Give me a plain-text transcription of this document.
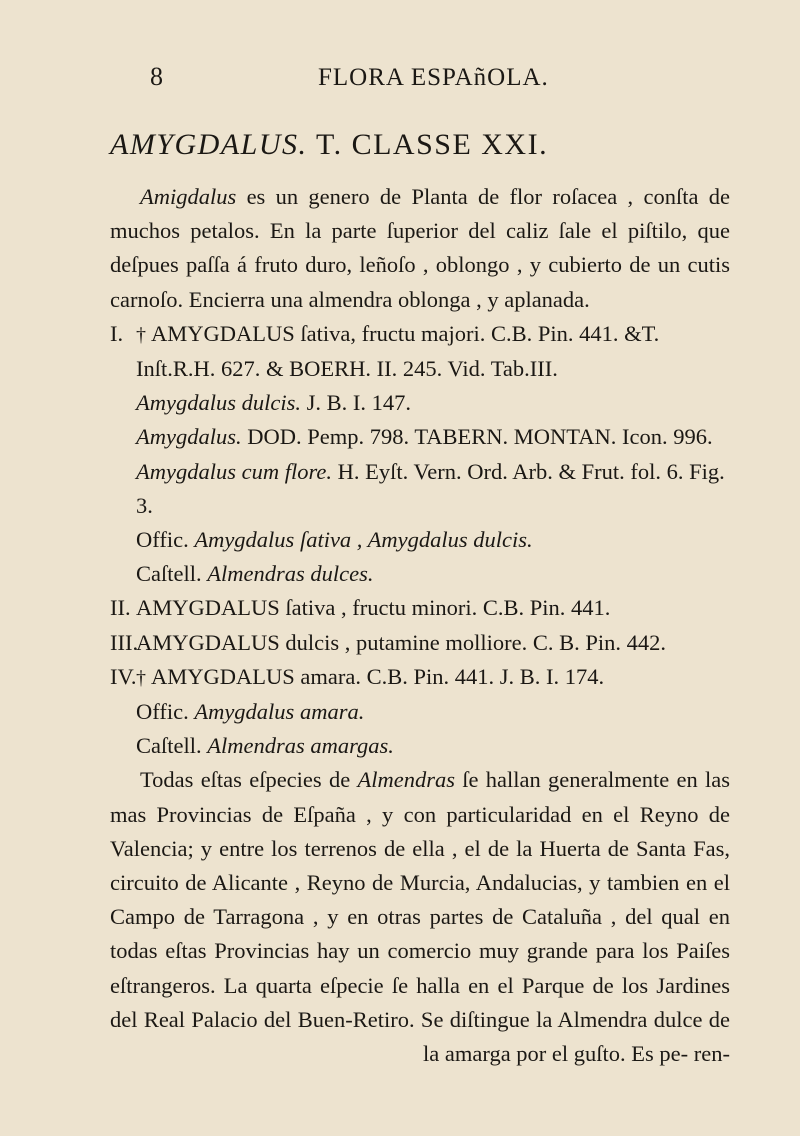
8	FLORA ESPAñOLA.
AMYGDALUS. T. CLASSE XXI.

Amigdalus es un genero de Planta de flor roſacea , conſta de muchos petalos. En la parte ſuperior del caliz ſale el piſtilo, que deſpues paſſa á fruto duro, leñoſo , oblongo , y cubierto de un cutis carnoſo. Encierra una almendra oblonga , y aplanada.

I. † AMYGDALUS ſativa, fructu majori. C.B. Pin. 441. &T. Inſt.R.H. 627. & BOERH. II. 245. Vid. Tab.III.

Amygdalus dulcis. J. B. I. 147.

Amygdalus. DOD. Pemp. 798. TABERN. MONTAN. Icon. 996.

Amygdalus cum flore. H. Eyſt. Vern. Ord. Arb. & Frut. fol. 6. Fig. 3.

Offic. Amygdalus ſativa , Amygdalus dulcis.

Caſtell. Almendras dulces.

II. AMYGDALUS ſativa , fructu minori. C.B. Pin. 441.
III.
AMYGDALUS dulcis , putamine molliore. C. B. Pin. 442.
IV. † AMYGDALUS amara. C.B. Pin. 441. J. B. I. 174.

Offic. Amygdalus amara.

Caſtell. Almendras amargas.

Todas eſtas eſpecies de Almendras ſe hallan generalmente en las mas Provincias de Eſpaña , y con particularidad en el Reyno de Valencia; y entre los terrenos de ella , el de la Huerta de Santa Fas, circuito de Alicante , Reyno de Murcia, Andalucias, y tambien en el Campo de Tarragona , y en otras partes de Cataluña , del qual en todas eſtas Provincias hay un comercio muy grande para los Paiſes eſtrangeros. La quarta eſpecie ſe halla en el Parque de los Jardines del Real Palacio del Buen-Retiro. Se diſtingue la Almendra dulce de la amarga por el guſto. Es pe- ren-
